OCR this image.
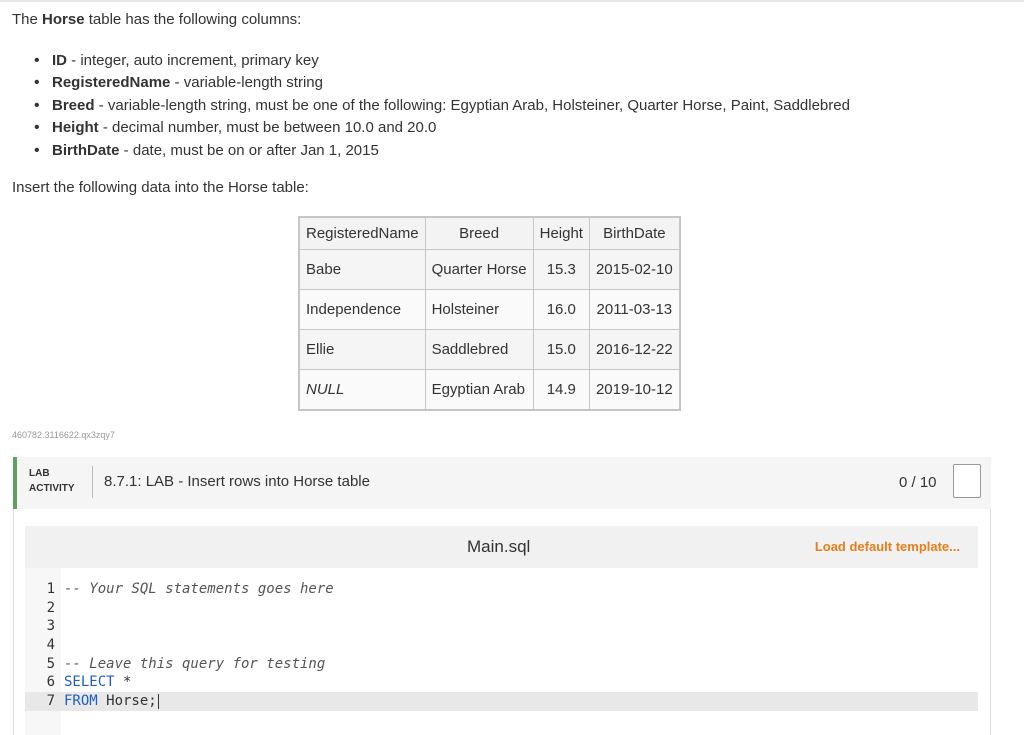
The Horse table has the following columns:
• ID - integer, auto increment, primary key
• RegisteredName - variable-length string
• Breed - variable-length string, must be one of the following: Egyptian Arab, Holsteiner, Quarter Horse, Paint, Saddlebred
• Height - decimal number, must be between 10.0 and 20.0
• BirthDate - date, must be on or after Jan 1, 2015
Insert the following data into the Horse table:
RegisteredName	Breed	Height	BirthDate
Babe	Quarter Horse	15.3	2015-02-10
Independence	Holsteiner	16.0	2011-03-13
Ellie	Saddlebred	15.0	2016-12-22
NULL	Egyptian Arab	14.9	2019-10-12
460782.3116622.qx3zqy7
LAB
ACTIVITY 8.7.1: LAB - Insert rows into Horse table	0 / 10
Main.sql	Load default template...
1 -- Your SQL statements goes here
2
3
4
5 -- Leave this query for testing
6 SELECT *
7 FROM Horse;
